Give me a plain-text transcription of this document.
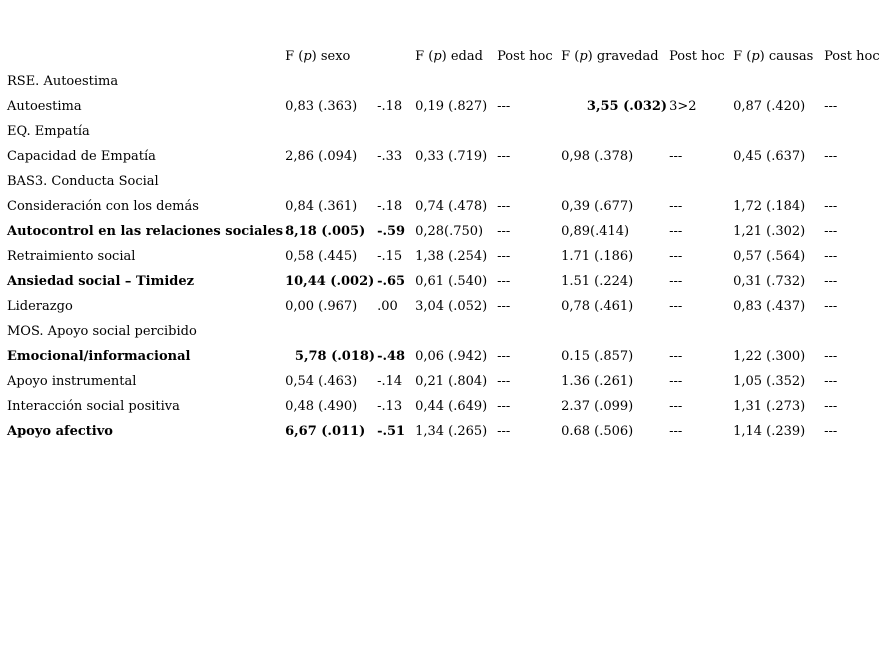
	F (p) sexo		F (p) edad	Post hoc	F (p) gravedad	Post hoc	F (p) causas	Post hoc
RSE. Autoestima								
Autoestima	0,83 (.363)	-.18	0,19 (.827)	---	3,55 (.032)	3>2	0,87 (.420)	---
EQ. Empatía								
Capacidad de Empatía	2,86 (.094)	-.33	0,33 (.719)	---	0,98 (.378)	---	0,45 (.637)	---
BAS3. Conducta Social								
Consideración con los demás	0,84 (.361)	-.18	0,74 (.478)	---	0,39 (.677)	---	1,72 (.184)	---
Autocontrol en las relaciones sociales	8,18 (.005)	-.59	0,28(.750)	---	0,89(.414)	---	1,21 (.302)	---
Retraimiento social	0,58 (.445)	-.15	1,38 (.254)	---	1.71 (.186)	---	0,57 (.564)	---
Ansiedad social – Timidez	10,44 (.002)	-.65	0,61 (.540)	---	1.51 (.224)	---	0,31 (.732)	---
Liderazgo	0,00 (.967)	.00	3,04 (.052)	---	0,78 (.461)	---	0,83 (.437)	---
MOS. Apoyo social percibido								
Emocional/informacional	5,78 (.018)	-.48	0,06 (.942)	---	0.15 (.857)	---	1,22 (.300)	---
Apoyo instrumental	0,54 (.463)	-.14	0,21 (.804)	---	1.36 (.261)	---	1,05 (.352)	---
Interacción social positiva	0,48 (.490)	-.13	0,44 (.649)	---	2.37 (.099)	---	1,31 (.273)	---
Apoyo afectivo	6,67 (.011)	-.51	1,34 (.265)	---	0.68 (.506)	---	1,14 (.239)	---
